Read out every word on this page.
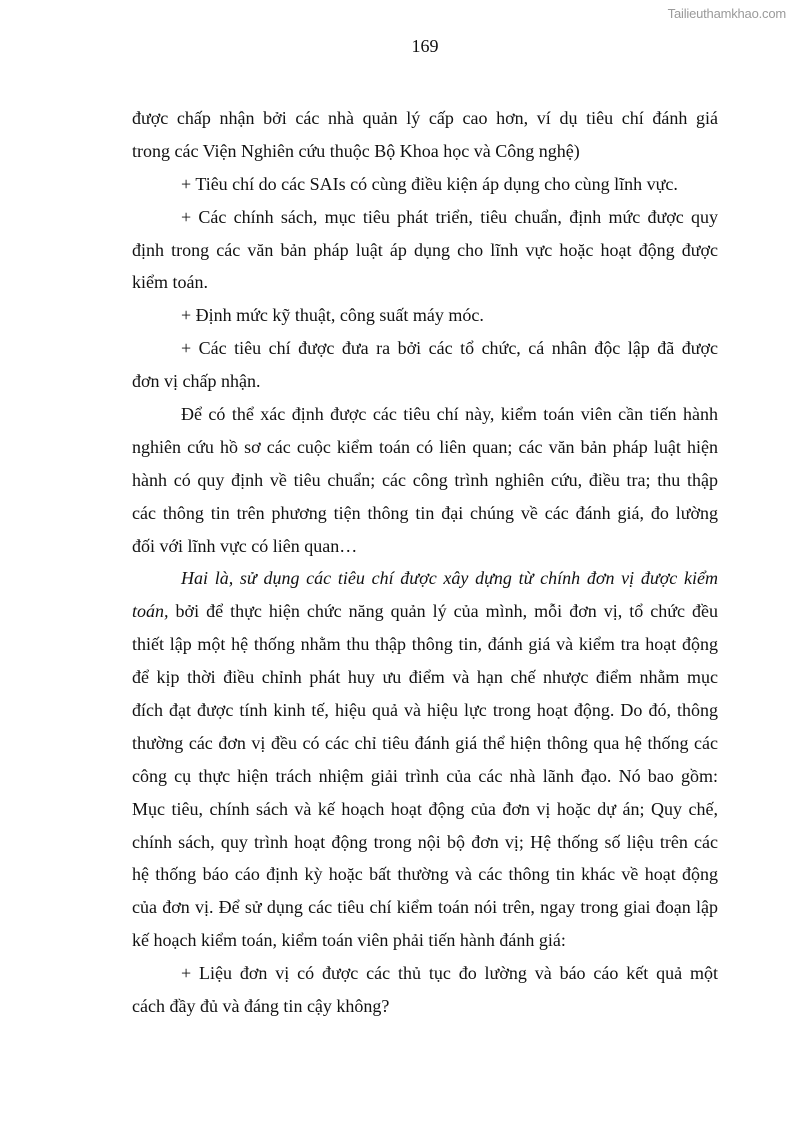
Tailieuthamkhao.com
169
được chấp nhận bởi các nhà quản lý cấp cao hơn, ví dụ tiêu chí đánh giá
trong các Viện Nghiên cứu thuộc Bộ Khoa học và Công nghệ)
+ Tiêu chí do các SAIs có cùng điều kiện áp dụng cho cùng lĩnh vực.
+ Các chính sách, mục tiêu phát triển, tiêu chuẩn, định mức được quy
định trong các văn bản pháp luật áp dụng cho lĩnh vực hoặc hoạt động được
kiểm toán.
+ Định mức kỹ thuật, công suất máy móc.
+ Các tiêu chí được đưa ra bởi các tổ chức, cá nhân độc lập đã được
đơn vị chấp nhận.
Để có thể xác định được các tiêu chí này, kiểm toán viên cần tiến hành
nghiên cứu hồ sơ các cuộc kiểm toán có liên quan; các văn bản pháp luật hiện
hành có quy định về tiêu chuẩn; các công trình nghiên cứu, điều tra; thu thập
các thông tin trên phương tiện thông tin đại chúng về các đánh giá, đo lường
đối với lĩnh vực có liên quan…
Hai là, sử dụng các tiêu chí được xây dựng từ chính đơn vị được kiểm
toán, bởi để thực hiện chức năng quản lý của mình, mỗi đơn vị, tổ chức đều
thiết lập một hệ thống nhằm thu thập thông tin, đánh giá và kiểm tra hoạt động
để kịp thời điều chỉnh phát huy ưu điểm và hạn chế nhược điểm nhằm mục
đích đạt được tính kinh tế, hiệu quả và hiệu lực trong hoạt động. Do đó, thông
thường các đơn vị đều có các chỉ tiêu đánh giá thể hiện thông qua hệ thống các
công cụ thực hiện trách nhiệm giải trình của các nhà lãnh đạo. Nó bao gồm:
Mục tiêu, chính sách và kế hoạch hoạt động của đơn vị hoặc dự án; Quy chế,
chính sách, quy trình hoạt động trong nội bộ đơn vị; Hệ thống số liệu trên các
hệ thống báo cáo định kỳ hoặc bất thường và các thông tin khác về hoạt động
của đơn vị. Để sử dụng các tiêu chí kiểm toán nói trên, ngay trong giai đoạn lập
kế hoạch kiểm toán, kiểm toán viên phải tiến hành đánh giá:
+ Liệu đơn vị có được các thủ tục đo lường và báo cáo kết quả một
cách đầy đủ và đáng tin cậy không?
